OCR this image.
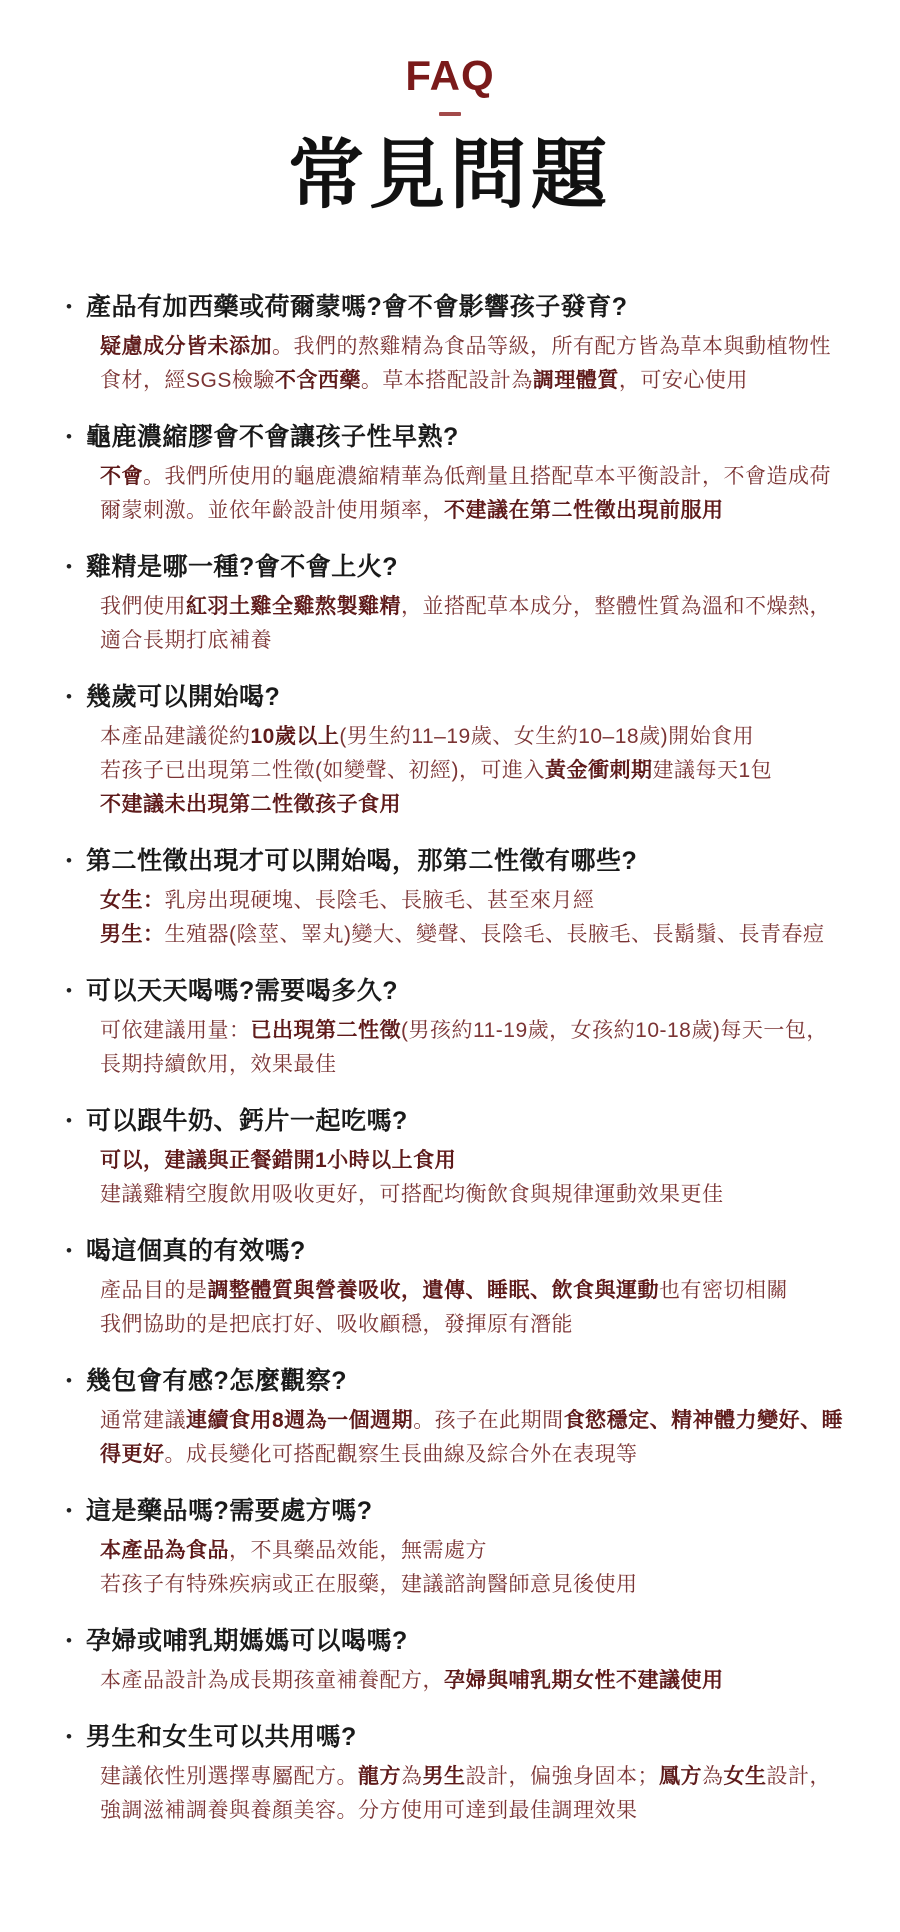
FAQ
常見問題
• 產品有加西藥或荷爾蒙嗎?會不會影響孩子發育?

疑慮成分皆未添加。我們的熬雞精為食品等級，所有配方皆為草本與動植物性食材，經SGS檢驗不含西藥。草本搭配設計為調理體質，可安心使用

• 龜鹿濃縮膠會不會讓孩子性早熟?

不會。我們所使用的龜鹿濃縮精華為低劑量且搭配草本平衡設計，不會造成荷爾蒙刺激。並依年齡設計使用頻率，不建議在第二性徵出現前服用

• 雞精是哪一種?會不會上火?

我們使用紅羽土雞全雞熬製雞精，並搭配草本成分，整體性質為溫和不燥熱，適合長期打底補養

• 幾歲可以開始喝?

本產品建議從約10歲以上(男生約11–19歲、女生約10–18歲)開始食用

若孩子已出現第二性徵(如變聲、初經)，可進入黃金衝刺期建議每天1包

不建議未出現第二性徵孩子食用

• 第二性徵出現才可以開始喝，那第二性徵有哪些?

女生：乳房出現硬塊、長陰毛、長腋毛、甚至來月經

男生：生殖器(陰莖、睪丸)變大、變聲、長陰毛、長腋毛、長鬍鬚、長青春痘

• 可以天天喝嗎?需要喝多久?

可依建議用量：已出現第二性徵(男孩約11-19歲，女孩約10-18歲)每天一包，長期持續飲用，效果最佳

• 可以跟牛奶、鈣片一起吃嗎?

可以，建議與正餐錯開1小時以上食用

建議雞精空腹飲用吸收更好，可搭配均衡飲食與規律運動效果更佳

• 喝這個真的有效嗎?

產品目的是調整體質與營養吸收，遺傳、睡眠、飲食與運動也有密切相關

我們協助的是把底打好、吸收顧穩，發揮原有潛能

• 幾包會有感?怎麼觀察?

通常建議連續食用8週為一個週期。孩子在此期間食慾穩定、精神體力變好、睡得更好。成長變化可搭配觀察生長曲線及綜合外在表現等

• 這是藥品嗎?需要處方嗎?

本產品為食品，不具藥品效能，無需處方

若孩子有特殊疾病或正在服藥，建議諮詢醫師意見後使用

• 孕婦或哺乳期媽媽可以喝嗎?

本產品設計為成長期孩童補養配方，孕婦與哺乳期女性不建議使用

• 男生和女生可以共用嗎?

建議依性別選擇專屬配方。龍方為男生設計，偏強身固本；鳳方為女生設計，強調滋補調養與養顏美容。分方使用可達到最佳調理效果
